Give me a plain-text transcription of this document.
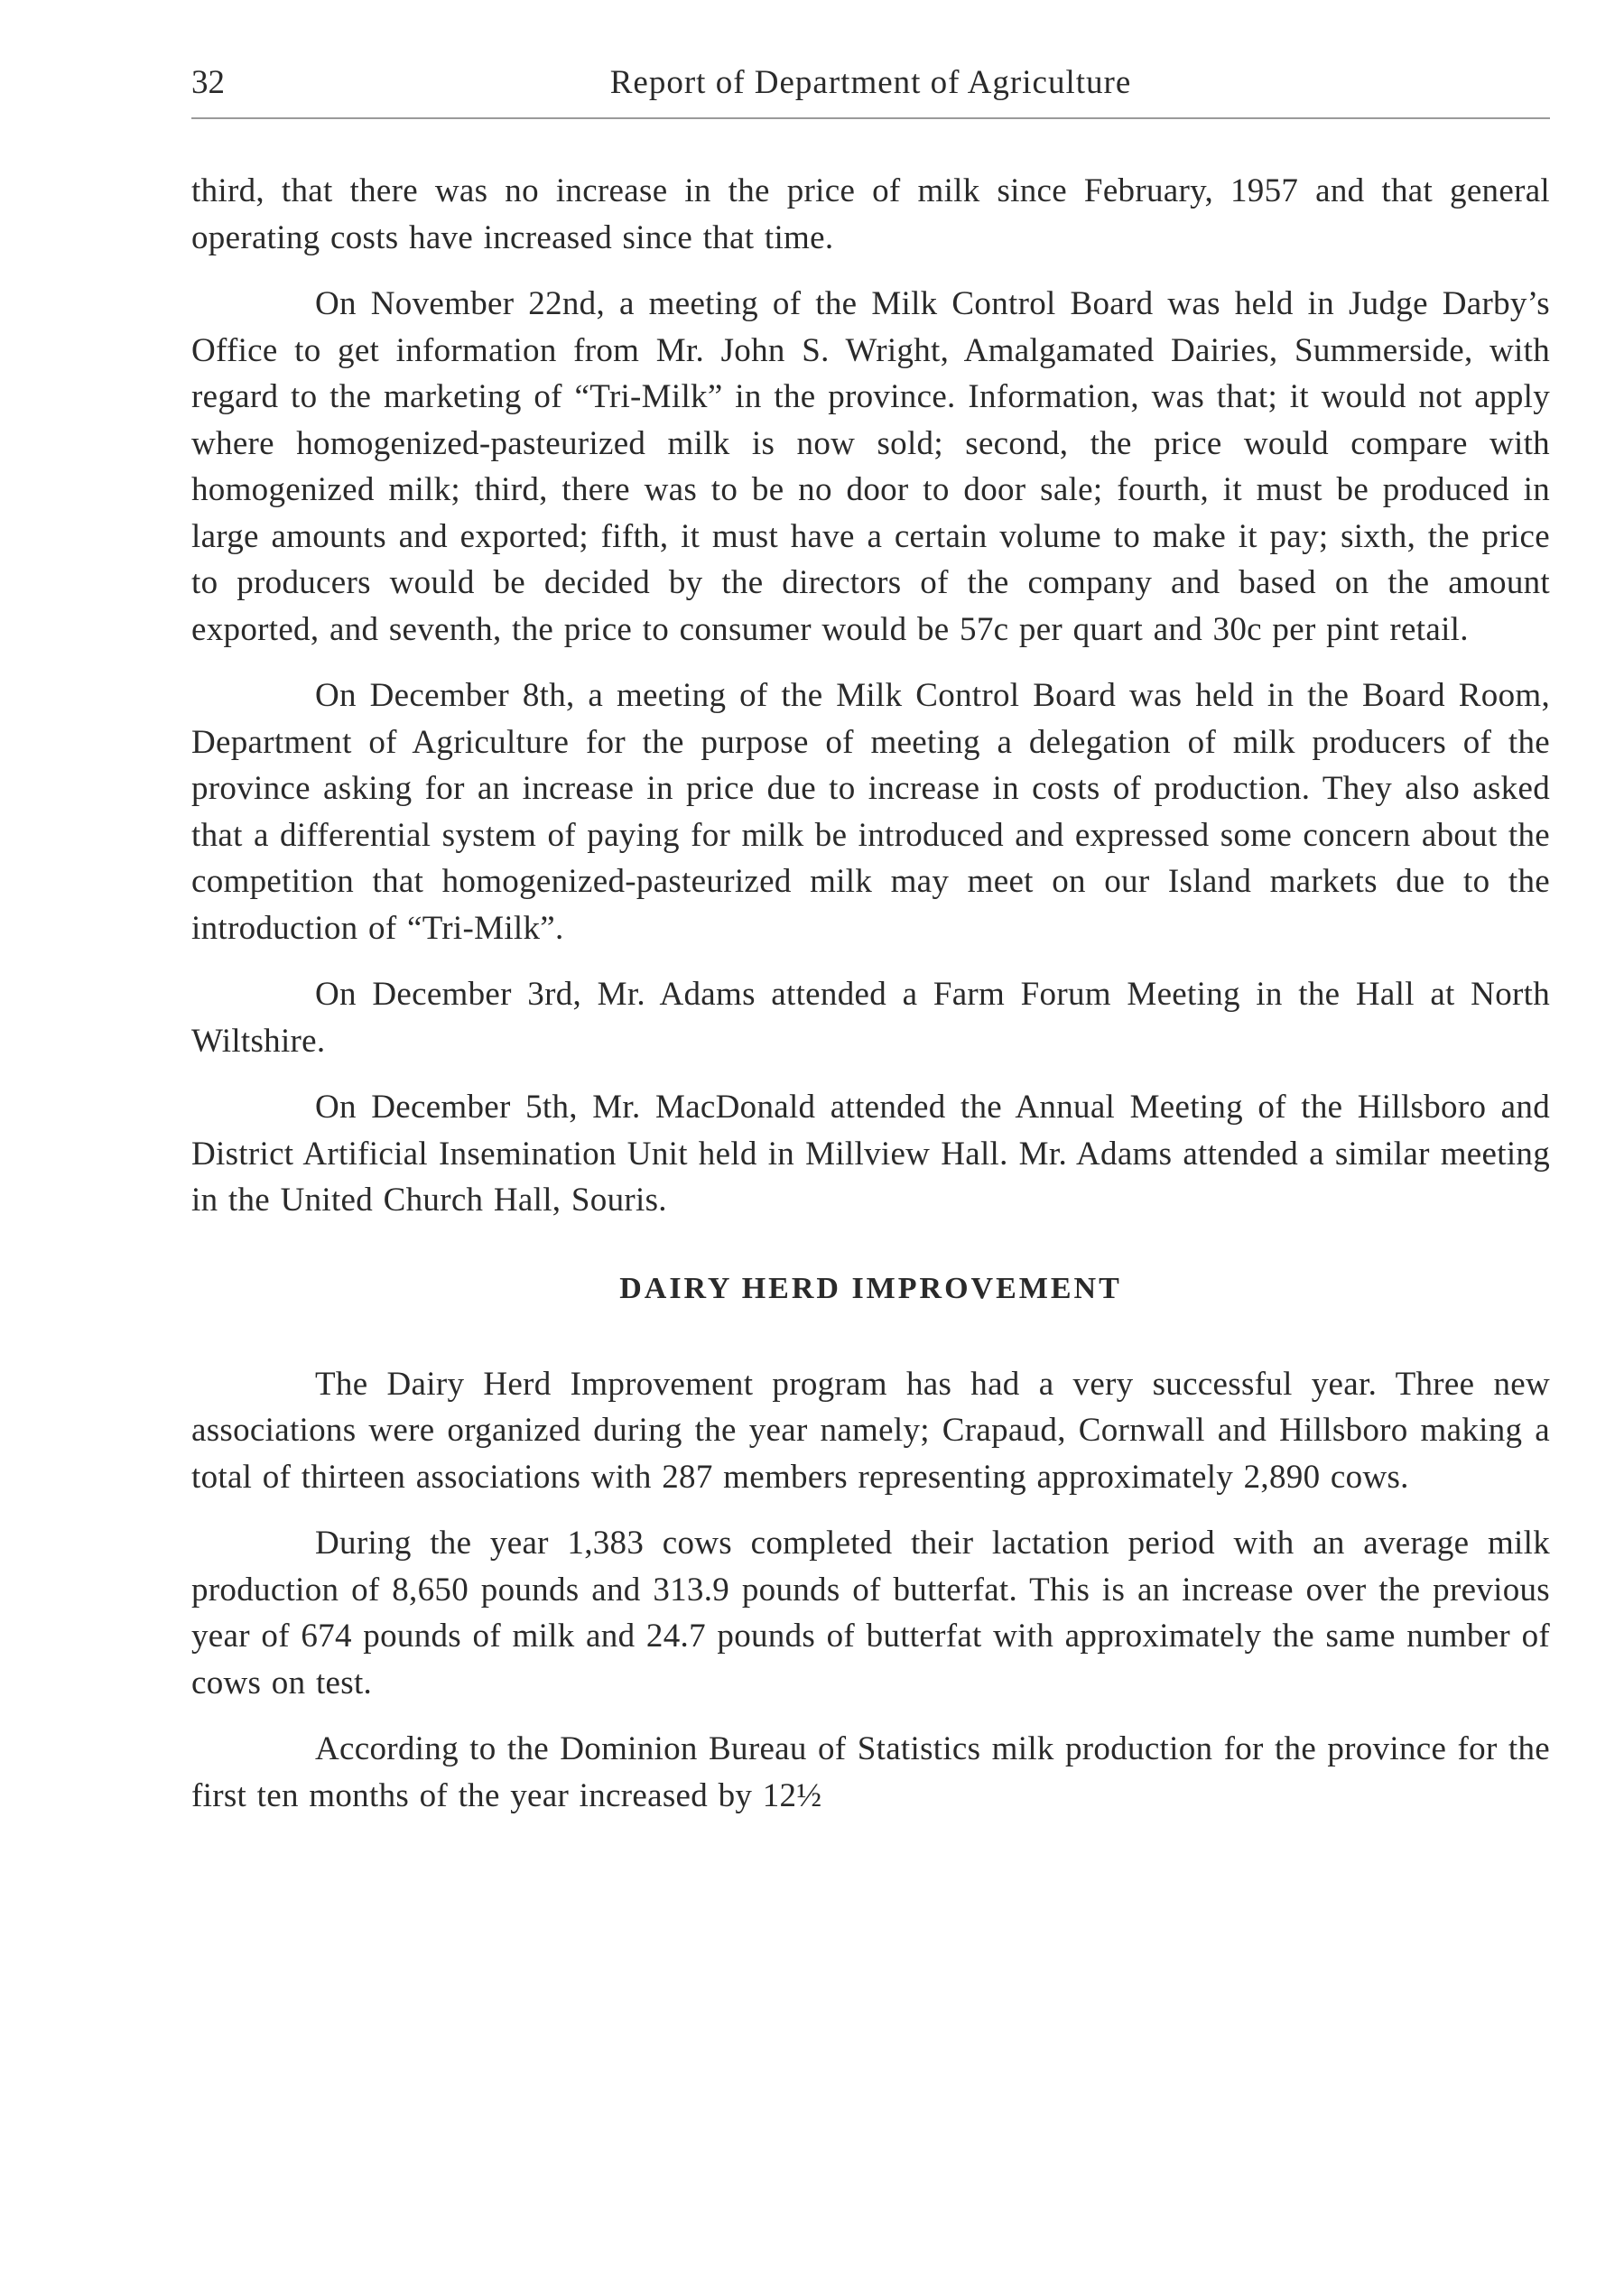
32	Report of Department of Agriculture

third, that there was no increase in the price of milk since February, 1957 and that general operating costs have increased since that time.

On November 22nd, a meeting of the Milk Control Board was held in Judge Darby’s Office to get information from Mr. John S. Wright, Amalgamated Dairies, Summerside, with regard to the marketing of “Tri-Milk” in the province. Information, was that; it would not apply where homogenized-pasteurized milk is now sold; second, the price would compare with homogenized milk; third, there was to be no door to door sale; fourth, it must be produced in large amounts and exported; fifth, it must have a certain volume to make it pay; sixth, the price to producers would be decided by the directors of the company and based on the amount exported, and seventh, the price to consumer would be 57c per quart and 30c per pint retail.

On December 8th, a meeting of the Milk Control Board was held in the Board Room, Department of Agriculture for the purpose of meeting a delegation of milk producers of the province asking for an increase in price due to increase in costs of production. They also asked that a differential system of paying for milk be introduced and expressed some concern about the competition that homogenized-pasteurized milk may meet on our Island markets due to the introduction of “Tri-Milk”.

On December 3rd, Mr. Adams attended a Farm Forum Meeting in the Hall at North Wiltshire.

On December 5th, Mr. MacDonald attended the Annual Meeting of the Hillsboro and District Artificial Insemination Unit held in Millview Hall. Mr. Adams attended a similar meeting in the United Church Hall, Souris.

DAIRY HERD IMPROVEMENT

The Dairy Herd Improvement program has had a very successful year. Three new associations were organized during the year namely; Crapaud, Cornwall and Hillsboro making a total of thirteen associations with 287 members representing approximately 2,890 cows.

During the year 1,383 cows completed their lactation period with an average milk production of 8,650 pounds and 313.9 pounds of butterfat. This is an increase over the previous year of 674 pounds of milk and 24.7 pounds of butterfat with approximately the same number of cows on test.

According to the Dominion Bureau of Statistics milk production for the province for the first ten months of the year increased by 12½
